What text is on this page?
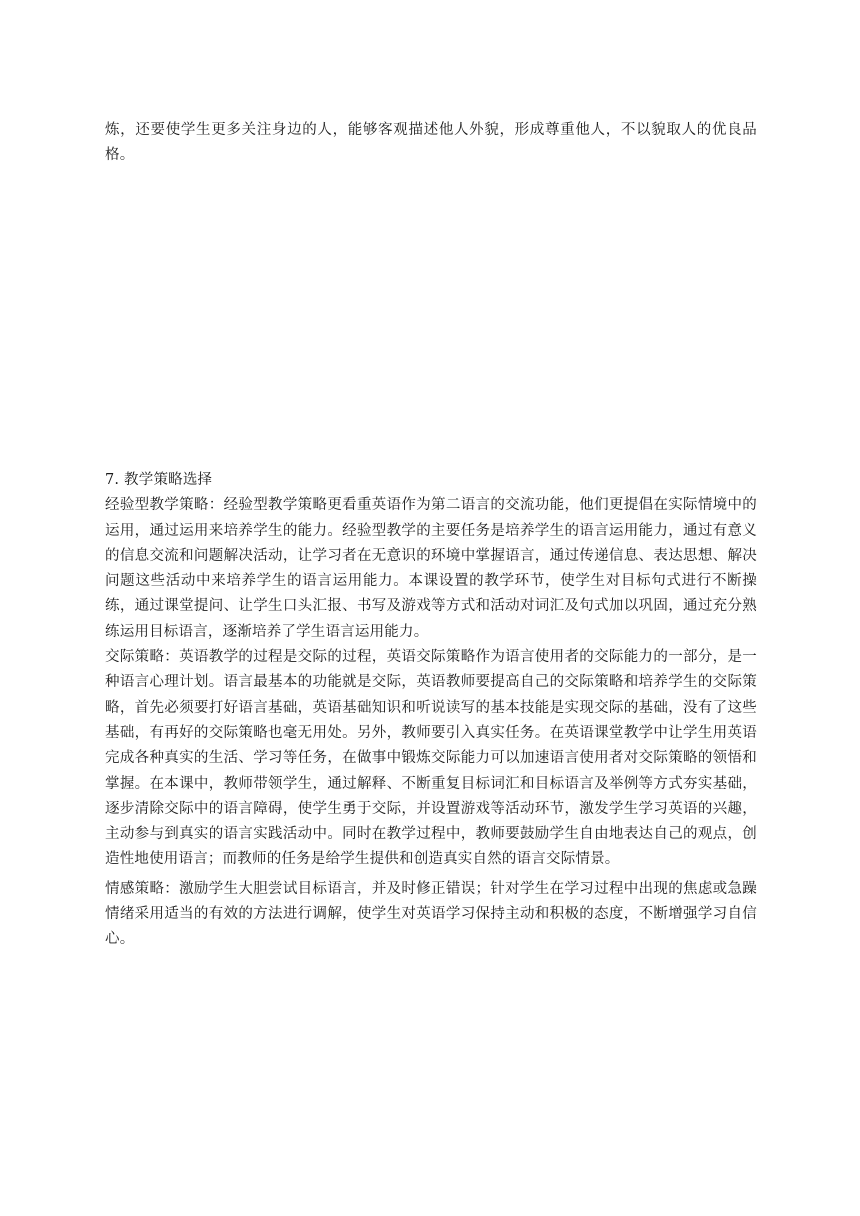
炼，还要使学生更多关注身边的人，能够客观描述他人外貌，形成尊重他人，不以貌取人的优良品格。

7. 教学策略选择

经验型教学策略：经验型教学策略更看重英语作为第二语言的交流功能，他们更提倡在实际情境中的运用，通过运用来培养学生的能力。经验型教学的主要任务是培养学生的语言运用能力，通过有意义的信息交流和问题解决活动，让学习者在无意识的环境中掌握语言，通过传递信息、表达思想、解决问题这些活动中来培养学生的语言运用能力。本课设置的教学环节，使学生对目标句式进行不断操练，通过课堂提问、让学生口头汇报、书写及游戏等方式和活动对词汇及句式加以巩固，通过充分熟练运用目标语言，逐渐培养了学生语言运用能力。

交际策略：英语教学的过程是交际的过程，英语交际策略作为语言使用者的交际能力的一部分，是一种语言心理计划。语言最基本的功能就是交际，英语教师要提高自己的交际策略和培养学生的交际策略，首先必须要打好语言基础，英语基础知识和听说读写的基本技能是实现交际的基础，没有了这些基础，有再好的交际策略也毫无用处。另外，教师要引入真实任务。在英语课堂教学中让学生用英语完成各种真实的生活、学习等任务，在做事中锻炼交际能力可以加速语言使用者对交际策略的领悟和掌握。在本课中，教师带领学生，通过解释、不断重复目标词汇和目标语言及举例等方式夯实基础，逐步清除交际中的语言障碍，使学生勇于交际，并设置游戏等活动环节，激发学生学习英语的兴趣，主动参与到真实的语言实践活动中。同时在教学过程中，教师要鼓励学生自由地表达自己的观点，创造性地使用语言；而教师的任务是给学生提供和创造真实自然的语言交际情景。

情感策略：激励学生大胆尝试目标语言，并及时修正错误；针对学生在学习过程中出现的焦虑或急躁情绪采用适当的有效的方法进行调解，使学生对英语学习保持主动和积极的态度，不断增强学习自信心。
